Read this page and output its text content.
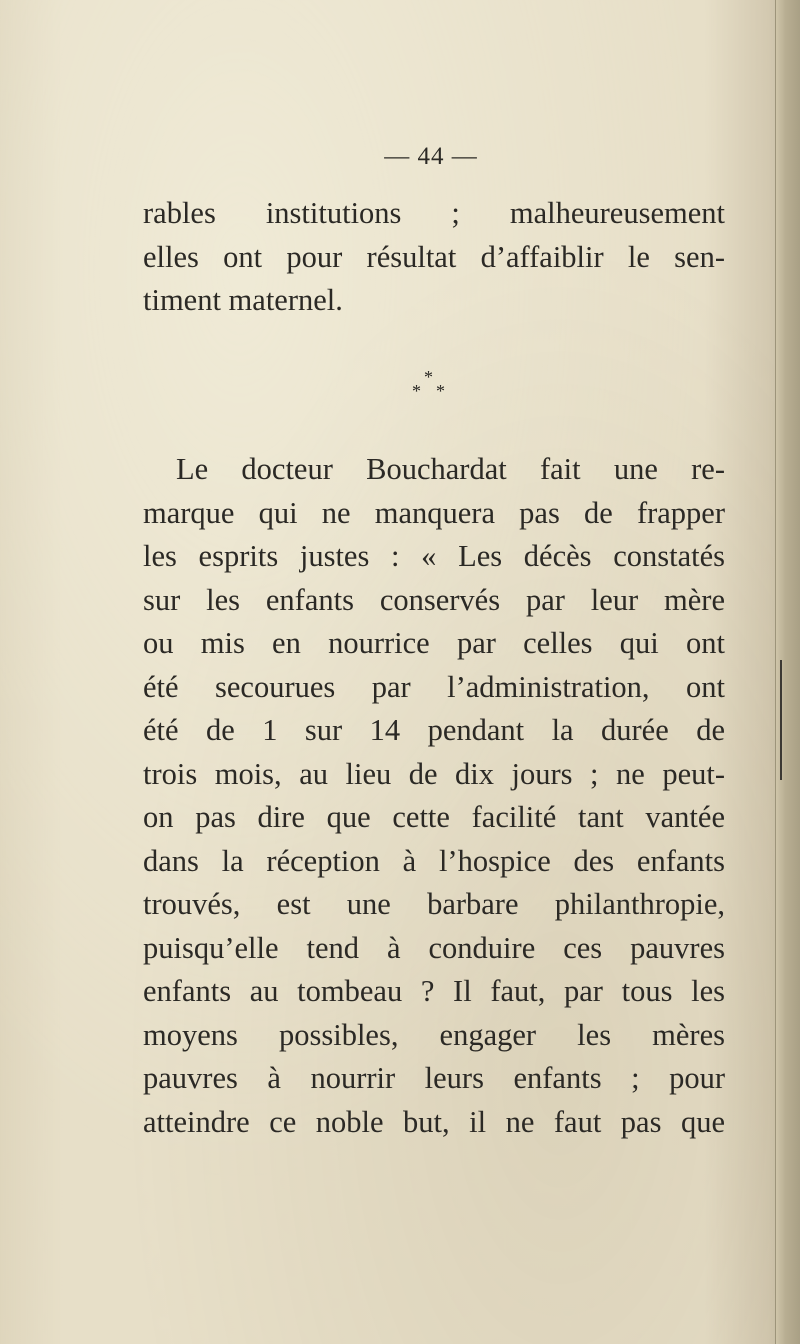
— 44 —
rables institutions ; malheureusement
elles ont pour résultat d’affaiblir le sen-
timent maternel.
*
* *
Le docteur Bouchardat fait une re-
marque qui ne manquera pas de frapper
les esprits justes : « Les décès constatés
sur les enfants conservés par leur mère
ou mis en nourrice par celles qui ont
été secourues par l’administration, ont
été de 1 sur 14 pendant la durée de
trois mois, au lieu de dix jours ; ne peut-
on pas dire que cette facilité tant vantée
dans la réception à l’hospice des enfants
trouvés, est une barbare philanthropie,
puisqu’elle tend à conduire ces pauvres
enfants au tombeau ? Il faut, par tous les
moyens possibles, engager les mères
pauvres à nourrir leurs enfants ; pour
atteindre ce noble but, il ne faut pas que
